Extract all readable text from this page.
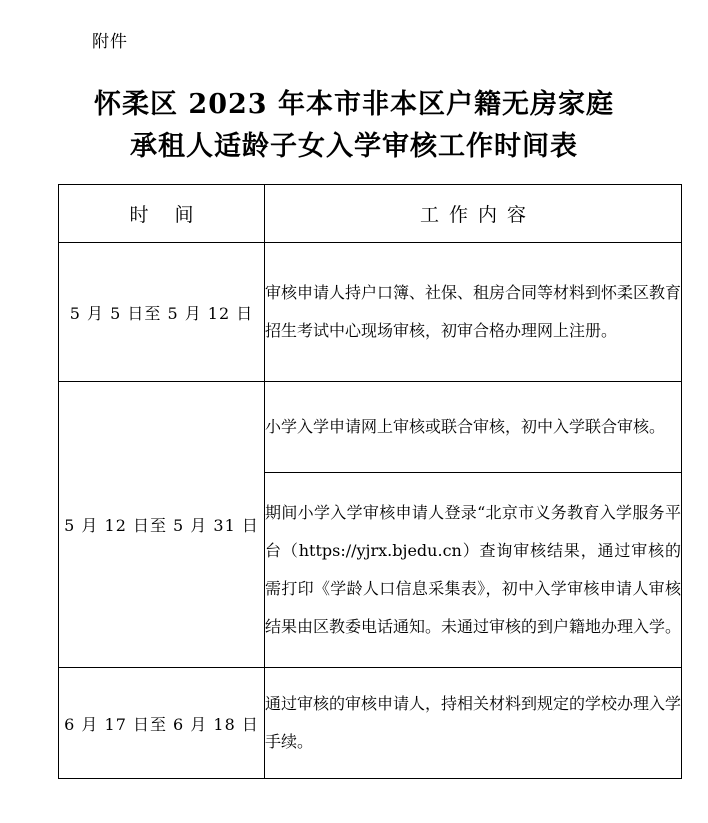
附件
怀柔区 2023 年本市非本区户籍无房家庭
承租人适龄子女入学审核工作时间表
时间	工作内容
5 月 5 日至 5 月 12 日	审核申请人持户口簿、社保、租房合同等材料到怀柔区教育招生考试中心现场审核，初审合格办理网上注册。
5 月 12 日至 5 月 31 日	小学入学申请网上审核或联合审核，初中入学联合审核。
	期间小学入学审核申请人登录“北京市义务教育入学服务平台（https://yjrx.bjedu.cn）查询审核结果，通过审核的需打印《学龄人口信息采集表》，初中入学审核申请人审核结果由区教委电话通知。未通过审核的到户籍地办理入学。
6 月 17 日至 6 月 18 日	通过审核的审核申请人，持相关材料到规定的学校办理入学手续。
